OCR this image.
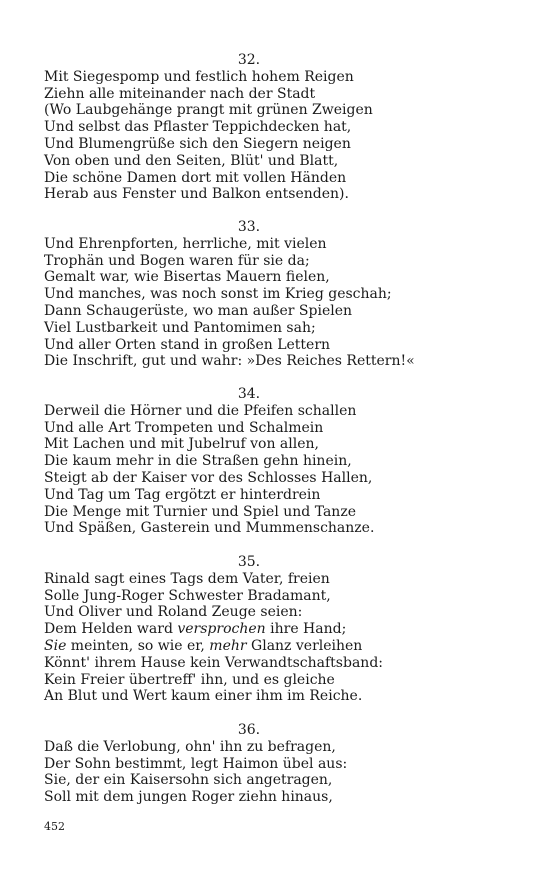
32.
Mit Siegespomp und festlich hohem Reigen
Ziehn alle miteinander nach der Stadt
(Wo Laubgehänge prangt mit grünen Zweigen
Und selbst das Pflaster Teppichdecken hat,
Und Blumengrüße sich den Siegern neigen
Von oben und den Seiten, Blüt' und Blatt,
Die schöne Damen dort mit vollen Händen
Herab aus Fenster und Balkon entsenden).
33.
Und Ehrenpforten, herrliche, mit vielen
Trophän und Bogen waren für sie da;
Gemalt war, wie Bisertas Mauern fielen,
Und manches, was noch sonst im Krieg geschah;
Dann Schaugerüste, wo man außer Spielen
Viel Lustbarkeit und Pantomimen sah;
Und aller Orten stand in großen Lettern
Die Inschrift, gut und wahr: »Des Reiches Rettern!«
34.
Derweil die Hörner und die Pfeifen schallen
Und alle Art Trompeten und Schalmein
Mit Lachen und mit Jubelruf von allen,
Die kaum mehr in die Straßen gehn hinein,
Steigt ab der Kaiser vor des Schlosses Hallen,
Und Tag um Tag ergötzt er hinterdrein
Die Menge mit Turnier und Spiel und Tanze
Und Späßen, Gasterein und Mummenschanze.
35.
Rinald sagt eines Tags dem Vater, freien
Solle Jung-Roger Schwester Bradamant,
Und Oliver und Roland Zeuge seien:
Dem Helden ward versprochen ihre Hand;
Sie meinten, so wie er, mehr Glanz verleihen
Könnt' ihrem Hause kein Verwandtschaftsband:
Kein Freier übertreff' ihn, und es gleiche
An Blut und Wert kaum einer ihm im Reiche.
36.
Daß die Verlobung, ohn' ihn zu befragen,
Der Sohn bestimmt, legt Haimon übel aus:
Sie, der ein Kaisersohn sich angetragen,
Soll mit dem jungen Roger ziehn hinaus,
452
